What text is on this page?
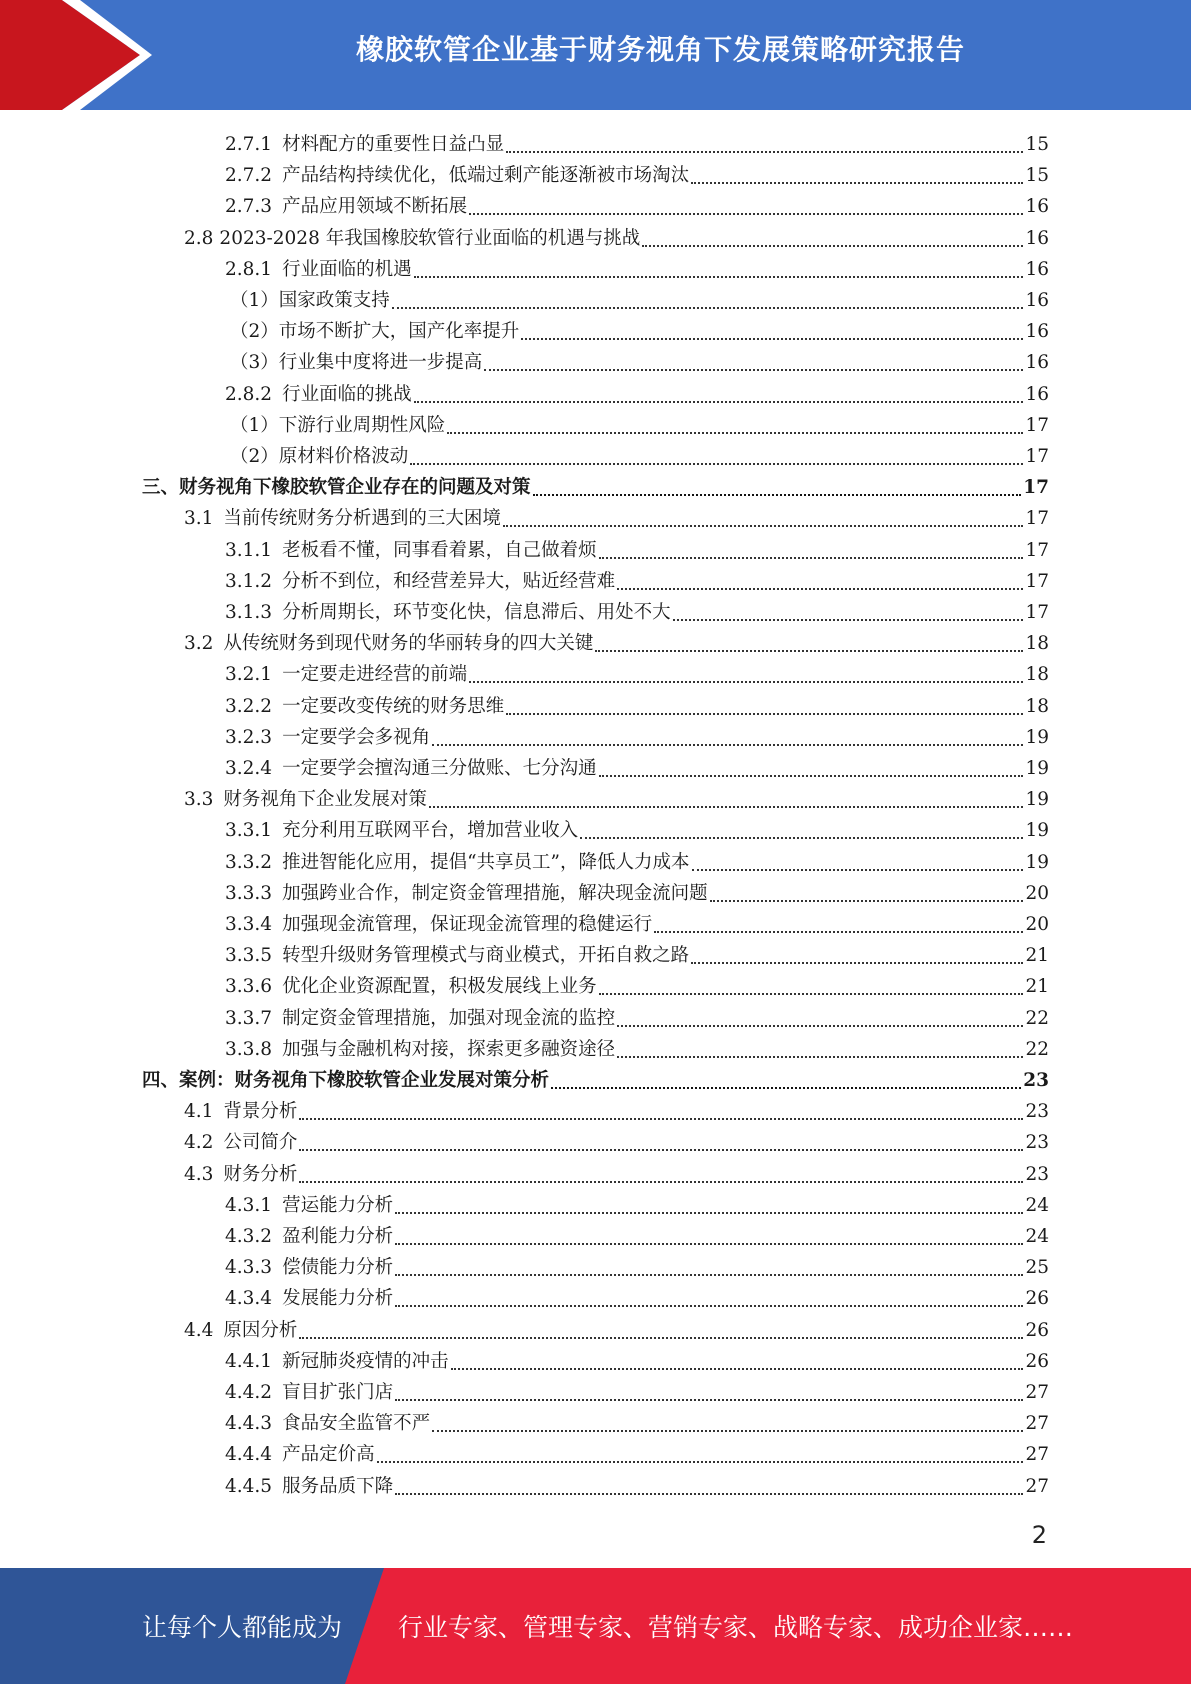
橡胶软管企业基于财务视角下发展策略研究报告
2.7.1 材料配方的重要性日益凸显	15
2.7.2 产品结构持续优化，低端过剩产能逐渐被市场淘汰	15
2.7.3 产品应用领域不断拓展	16
2.8 2023-2028 年我国橡胶软管行业面临的机遇与挑战	16
2.8.1 行业面临的机遇	16
（1）国家政策支持	16
（2）市场不断扩大，国产化率提升	16
（3）行业集中度将进一步提高	16
2.8.2 行业面临的挑战	16
（1）下游行业周期性风险	17
（2）原材料价格波动	17
三、财务视角下橡胶软管企业存在的问题及对策	17
3.1 当前传统财务分析遇到的三大困境	17
3.1.1 老板看不懂，同事看着累，自己做着烦	17
3.1.2 分析不到位，和经营差异大，贴近经营难	17
3.1.3 分析周期长，环节变化快，信息滞后、用处不大	17
3.2 从传统财务到现代财务的华丽转身的四大关键	18
3.2.1 一定要走进经营的前端	18
3.2.2 一定要改变传统的财务思维	18
3.2.3 一定要学会多视角	19
3.2.4 一定要学会擅沟通三分做账、七分沟通	19
3.3 财务视角下企业发展对策	19
3.3.1 充分利用互联网平台，增加营业收入	19
3.3.2 推进智能化应用，提倡“共享员工”，降低人力成本	19
3.3.3 加强跨业合作，制定资金管理措施，解决现金流问题	20
3.3.4 加强现金流管理，保证现金流管理的稳健运行	20
3.3.5 转型升级财务管理模式与商业模式，开拓自救之路	21
3.3.6 优化企业资源配置，积极发展线上业务	21
3.3.7 制定资金管理措施，加强对现金流的监控	22
3.3.8 加强与金融机构对接，探索更多融资途径	22
四、案例：财务视角下橡胶软管企业发展对策分析	23
4.1 背景分析	23
4.2 公司简介	23
4.3 财务分析	23
4.3.1 营运能力分析	24
4.3.2 盈利能力分析	24
4.3.3 偿债能力分析	25
4.3.4 发展能力分析	26
4.4 原因分析	26
4.4.1 新冠肺炎疫情的冲击	26
4.4.2 盲目扩张门店	27
4.4.3 食品安全监管不严	27
4.4.4 产品定价高	27
4.4.5 服务品质下降	27
2
让每个人都能成为 行业专家、管理专家、营销专家、战略专家、成功企业家……
